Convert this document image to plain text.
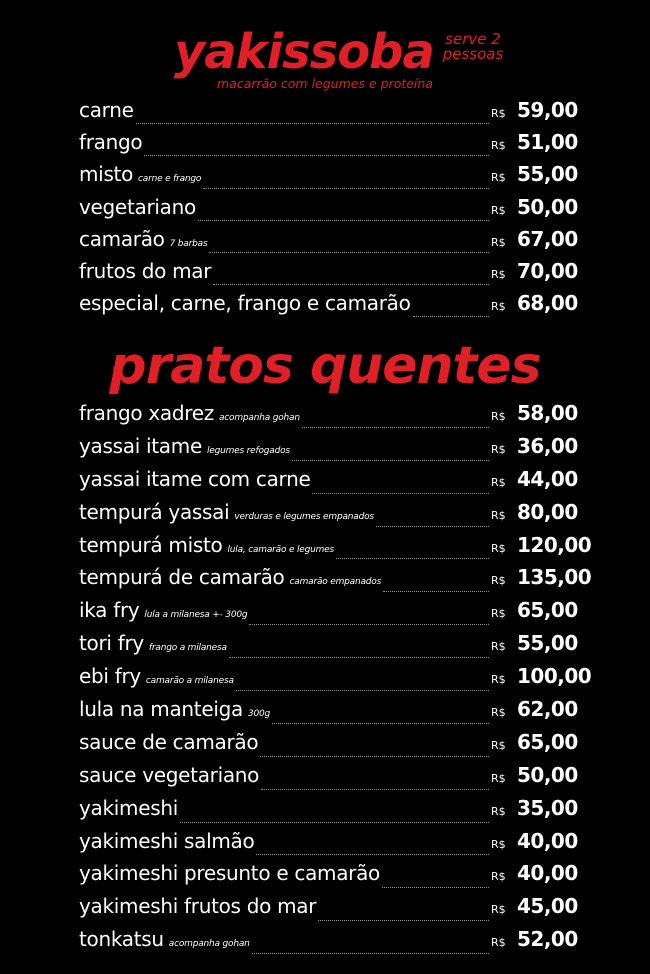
yakissoba serve 2
pessoas
macarrão com legumes e proteína
carne	R$ 59,00
frango	R$ 51,00
misto carne e frango	R$ 55,00
vegetariano	R$ 50,00
camarão 7 barbas	R$ 67,00
frutos do mar	R$ 70,00
especial, carne, frango e camarão	R$ 68,00
pratos quentes
frango xadrez acompanha gohan	R$ 58,00
yassai itame legumes refogados	R$ 36,00
yassai itame com carne	R$ 44,00
tempurá yassai verduras e legumes empanados	R$ 80,00
tempurá misto lula, camarão e legumes	R$ 120,00
tempurá de camarão camarão empanados	R$ 135,00
ika fry lula a milanesa +- 300g	R$ 65,00
tori fry frango a milanesa	R$ 55,00
ebi fry camarão a milanesa	R$ 100,00
lula na manteiga 300g	R$ 62,00
sauce de camarão	R$ 65,00
sauce vegetariano	R$ 50,00
yakimeshi	R$ 35,00
yakimeshi salmão	R$ 40,00
yakimeshi presunto e camarão	R$ 40,00
yakimeshi frutos do mar	R$ 45,00
tonkatsu acompanha gohan	R$ 52,00
